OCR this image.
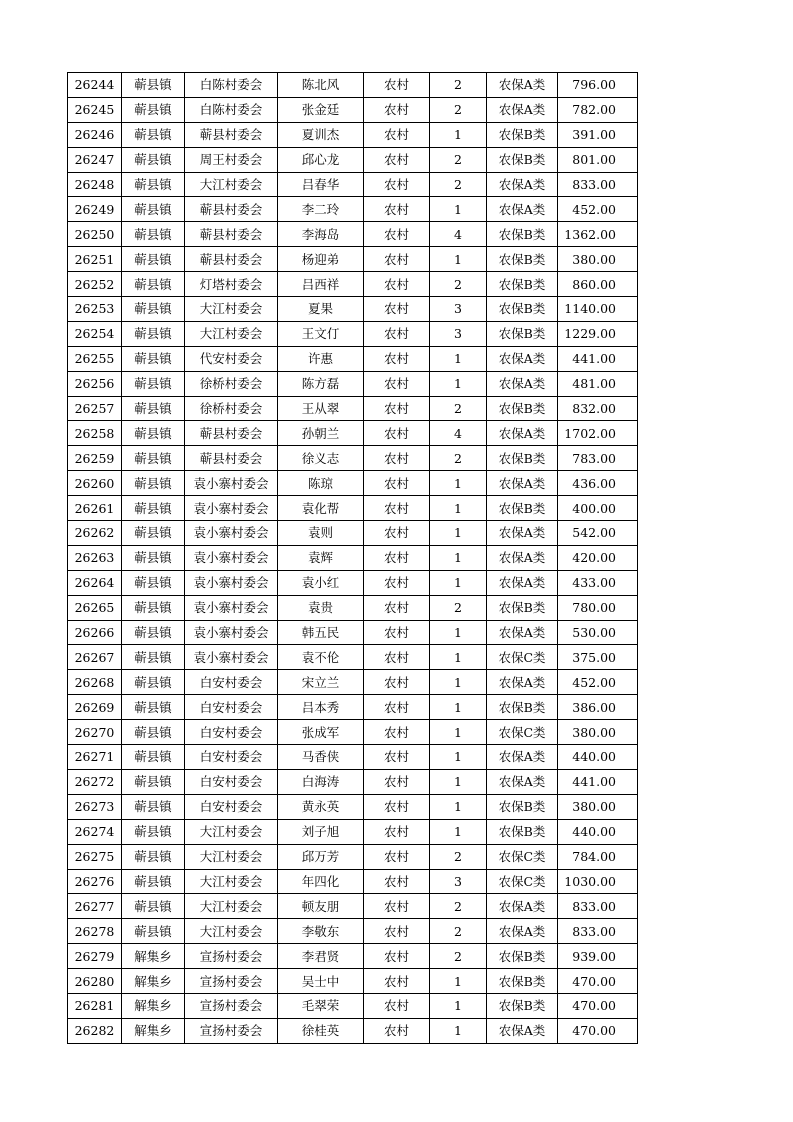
26244	蕲县镇	白陈村委会	陈北风	农村	2	农保A类	796.00
26245	蕲县镇	白陈村委会	张金廷	农村	2	农保A类	782.00
26246	蕲县镇	蕲县村委会	夏训杰	农村	1	农保B类	391.00
26247	蕲县镇	周王村委会	邱心龙	农村	2	农保B类	801.00
26248	蕲县镇	大江村委会	吕春华	农村	2	农保A类	833.00
26249	蕲县镇	蕲县村委会	李二玲	农村	1	农保A类	452.00
26250	蕲县镇	蕲县村委会	李海岛	农村	4	农保B类	1362.00
26251	蕲县镇	蕲县村委会	杨迎弟	农村	1	农保B类	380.00
26252	蕲县镇	灯塔村委会	吕西祥	农村	2	农保B类	860.00
26253	蕲县镇	大江村委会	夏果	农村	3	农保B类	1140.00
26254	蕲县镇	大江村委会	王文仃	农村	3	农保B类	1229.00
26255	蕲县镇	代安村委会	许惠	农村	1	农保A类	441.00
26256	蕲县镇	徐桥村委会	陈方磊	农村	1	农保A类	481.00
26257	蕲县镇	徐桥村委会	王从翠	农村	2	农保B类	832.00
26258	蕲县镇	蕲县村委会	孙朝兰	农村	4	农保A类	1702.00
26259	蕲县镇	蕲县村委会	徐义志	农村	2	农保B类	783.00
26260	蕲县镇	袁小寨村委会	陈琼	农村	1	农保A类	436.00
26261	蕲县镇	袁小寨村委会	袁化帮	农村	1	农保B类	400.00
26262	蕲县镇	袁小寨村委会	袁则	农村	1	农保A类	542.00
26263	蕲县镇	袁小寨村委会	袁辉	农村	1	农保A类	420.00
26264	蕲县镇	袁小寨村委会	袁小红	农村	1	农保A类	433.00
26265	蕲县镇	袁小寨村委会	袁贵	农村	2	农保B类	780.00
26266	蕲县镇	袁小寨村委会	韩五民	农村	1	农保A类	530.00
26267	蕲县镇	袁小寨村委会	袁不伦	农村	1	农保C类	375.00
26268	蕲县镇	白安村委会	宋立兰	农村	1	农保A类	452.00
26269	蕲县镇	白安村委会	吕本秀	农村	1	农保B类	386.00
26270	蕲县镇	白安村委会	张成军	农村	1	农保C类	380.00
26271	蕲县镇	白安村委会	马香侠	农村	1	农保A类	440.00
26272	蕲县镇	白安村委会	白海涛	农村	1	农保A类	441.00
26273	蕲县镇	白安村委会	黄永英	农村	1	农保B类	380.00
26274	蕲县镇	大江村委会	刘子旭	农村	1	农保B类	440.00
26275	蕲县镇	大江村委会	邱万芳	农村	2	农保C类	784.00
26276	蕲县镇	大江村委会	年四化	农村	3	农保C类	1030.00
26277	蕲县镇	大江村委会	顿友朋	农村	2	农保A类	833.00
26278	蕲县镇	大江村委会	李敬东	农村	2	农保A类	833.00
26279	解集乡	宣扬村委会	李君贤	农村	2	农保B类	939.00
26280	解集乡	宣扬村委会	吴士中	农村	1	农保B类	470.00
26281	解集乡	宣扬村委会	毛翠荣	农村	1	农保B类	470.00
26282	解集乡	宣扬村委会	徐桂英	农村	1	农保A类	470.00
